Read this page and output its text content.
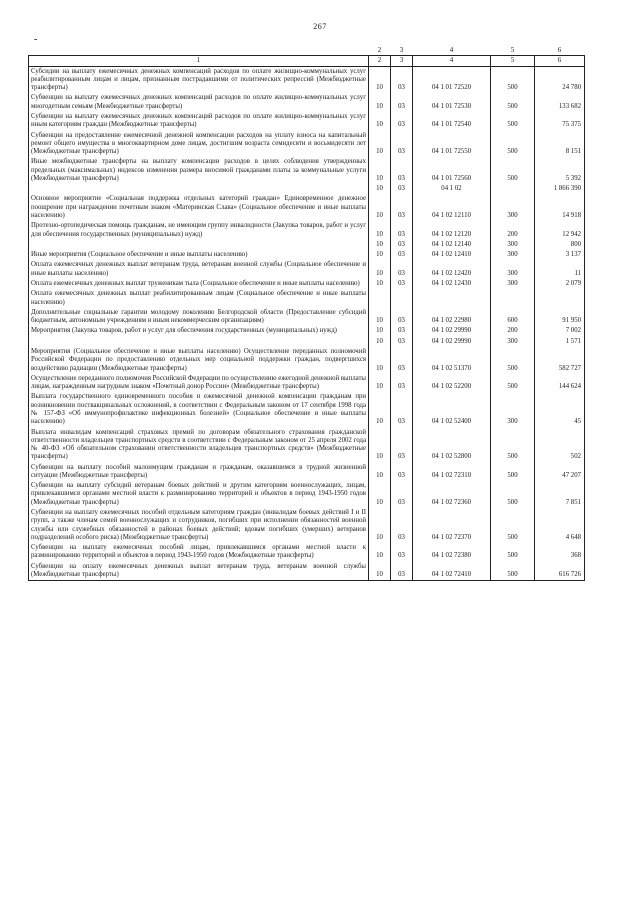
267
-
	2	3	4	5	6
1	2	3	4	5	6
Субсидии на выплату ежемесячных денежных компенсаций расходов по оплате жилищно-коммунальных услуг реабилитированным лицам и лицам, признанным пострадавшими от политических репрессий (Межбюджетные трансферты)	10	03	04 1 01 72520	500	24 780
Субвенции на выплату ежемесячных денежных компенсаций расходов по оплате жилищно-коммунальных услуг многодетным семьям (Межбюджетные трансферты)	10	03	04 1 01 72530	500	133 682
Субвенции на выплату ежемесячных денежных компенсаций расходов по оплате жилищно-коммунальных услуг иным категориям граждан (Межбюджетные трансферты)	10	03	04 1 01 72540	500	75 375
Субвенции на предоставление ежемесячной денежной компенсации расходов на уплату взноса на капитальный ремонт общего имущества в многоквартирном доме лицам, достигшим возраста семидесяти и восьмидесяти лет (Межбюджетные трансферты)	10	03	04 1 01 72550	500	8 151
Иные межбюджетные трансферты на выплату компенсации расходов в целях соблюдения утвержденных предельных (максимальных) индексов изменения размера вносимой гражданами платы за коммунальные услуги (Межбюджетные трансферты)	10	03	04 1 01 72560	500	5 392
	10	03	04 1 02		1 866 390
Основное мероприятие «Социальная поддержка отдельных категорий граждан» Единовременное денежное поощрение при награждении почетным знаком «Материнская Слава» (Социальное обеспечение и иные выплаты населению)	10	03	04 1 02 12110	300	14 918
Протезно-ортопедическая помощь гражданам, не имеющим группу инвалидности (Закупка товаров, работ и услуг для обеспечения государственных (муниципальных) нужд)	10	03	04 1 02 12120	200	12 942
	10	03	04 1 02 12140	300	800
Иные мероприятия (Социальное обеспечение и иные выплаты населению)	10	03	04 1 02 12410	300	3 137
Оплата ежемесячных денежных выплат ветеранам труда, ветеранам военной службы (Социальное обеспечение и иные выплаты населению)	10	03	04 1 02 12420	300	11
Оплата ежемесячных денежных выплат труженикам тыла (Социальное обеспечение и иные выплаты населению)	10	03	04 1 02 12430	300	2 079
Оплата ежемесячных денежных выплат реабилитированным лицам (Социальное обеспечение и иные выплаты населению)					
Дополнительные социальные гарантии молодому поколению Белгородской области (Предоставление субсидий бюджетным, автономным учреждениям и иным некоммерческим организациям)	10	03	04 1 02 22980	600	91 950
Мероприятия (Закупка товаров, работ и услуг для обеспечения государственных (муниципальных) нужд)	10	03	04 1 02 29990	200	7 002
	10	03	04 1 02 29990	300	1 571
Мероприятия (Социальное обеспечение и иные выплаты населению) Осуществление переданных полномочий Российской Федерации по предоставлению отдельных мер социальной поддержки граждан, подвергшихся воздействию радиации (Межбюджетные трансферты)	10	03	04 1 02 51370	500	582 727
Осуществление переданного полномочия Российской Федерации по осуществлению ежегодной денежной выплаты лицам, награжденным нагрудным знаком «Почетный донор России» (Межбюджетные трансферты)	10	03	04 1 02 52200	500	144 624
Выплата государственного единовременного пособия и ежемесячной денежной компенсации гражданам при возникновении поствакцинальных осложнений, в соответствии с Федеральным законом от 17 сентября 1998 года № 157-ФЗ «Об иммунопрофилактике инфекционных болезней» (Социальное обеспечение и иные выплаты населению)	10	03	04 1 02 52400	300	45
Выплата инвалидам компенсаций страховых премий по договорам обязательного страхования гражданской ответственности владельцев транспортных средств в соответствии с Федеральным законом от 25 апреля 2002 года № 40-ФЗ «Об обязательном страховании ответственности владельцев транспортных средств» (Межбюджетные трансферты)	10	03	04 1 02 52800	500	502
Субвенции на выплату пособий малоимущим гражданам и гражданам, оказавшимся в трудной жизненной ситуации (Межбюджетные трансферты)	10	03	04 1 02 72310	500	47 207
Субвенции на выплату субсидий ветеранам боевых действий и другим категориям военнослужащих, лицам, привлекавшимся органами местной власти к разминированию территорий и объектов в период 1943-1950 годов (Межбюджетные трансферты)	10	03	04 1 02 72360	500	7 851
Субвенции на выплату ежемесячных пособий отдельным категориям граждан (инвалидам боевых действий I и II групп, а также членам семей военнослужащих и сотрудников, погибших при исполнении обязанностей военной службы или служебных обязанностей в районах боевых действий; вдовам погибших (умерших) ветеранов подразделений особого риска) (Межбюджетные трансферты)	10	03	04 1 02 72370	500	4 648
Субвенции на выплату ежемесячных пособий лицам, привлекавшимся органами местной власти к разминированию территорий и объектов в период 1943-1950 годов (Межбюджетные трансферты)	10	03	04 1 02 72380	500	368
Субвенции на оплату ежемесячных денежных выплат ветеранам труда, ветеранам военной службы (Межбюджетные трансферты)	10	03	04 1 02 72410	500	616 726
